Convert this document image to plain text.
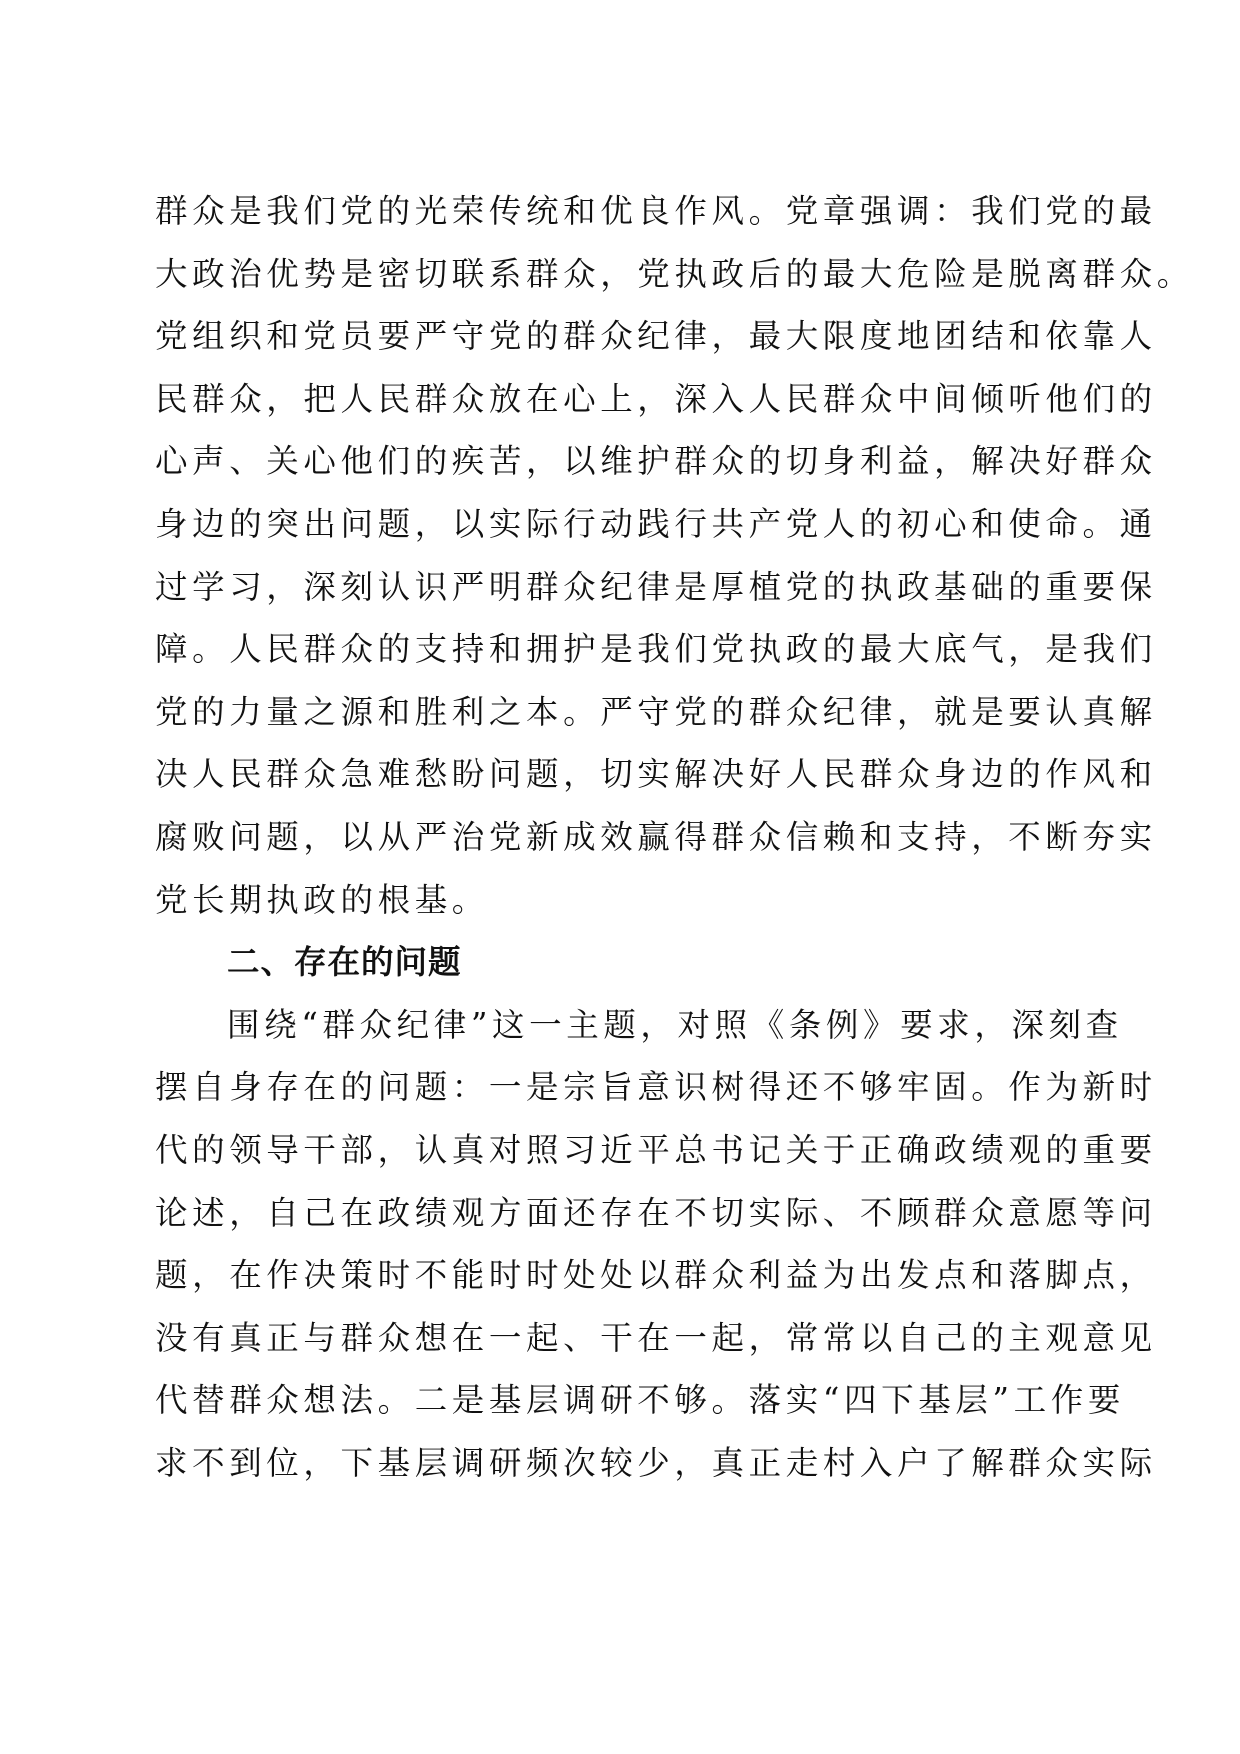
群众是我们党的光荣传统和优良作风。党章强调：我们党的最
大政治优势是密切联系群众，党执政后的最大危险是脱离群众。
党组织和党员要严守党的群众纪律，最大限度地团结和依靠人
民群众，把人民群众放在心上，深入人民群众中间倾听他们的
心声、关心他们的疾苦，以维护群众的切身利益，解决好群众
身边的突出问题，以实际行动践行共产党人的初心和使命。通
过学习，深刻认识严明群众纪律是厚植党的执政基础的重要保
障。人民群众的支持和拥护是我们党执政的最大底气，是我们
党的力量之源和胜利之本。严守党的群众纪律，就是要认真解
决人民群众急难愁盼问题，切实解决好人民群众身边的作风和
腐败问题，以从严治党新成效赢得群众信赖和支持，不断夯实
党长期执政的根基。
二、存在的问题
围绕“群众纪律”这一主题，对照《条例》要求，深刻查
摆自身存在的问题：一是宗旨意识树得还不够牢固。作为新时
代的领导干部，认真对照习近平总书记关于正确政绩观的重要
论述，自己在政绩观方面还存在不切实际、不顾群众意愿等问
题，在作决策时不能时时处处以群众利益为出发点和落脚点，
没有真正与群众想在一起、干在一起，常常以自己的主观意见
代替群众想法。二是基层调研不够。落实“四下基层”工作要
求不到位，下基层调研频次较少，真正走村入户了解群众实际
